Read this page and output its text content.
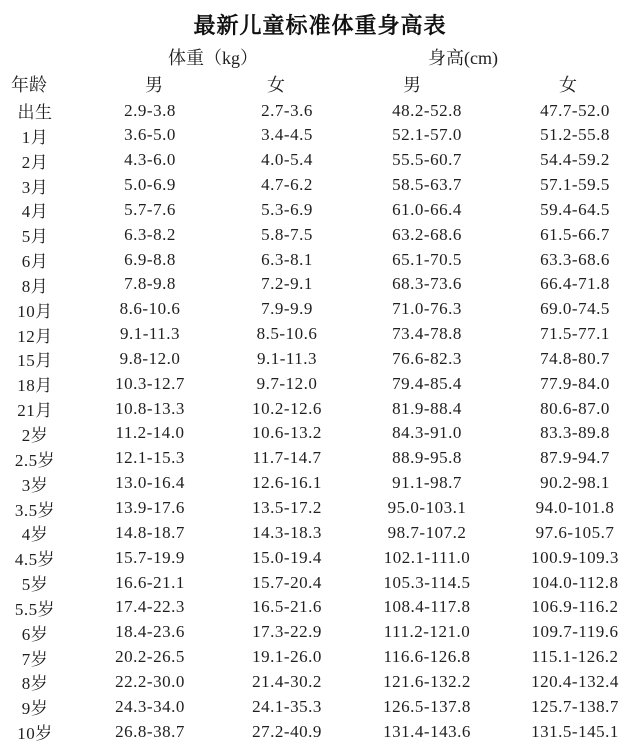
最新儿童标准体重身高表
体重（kg）	身高(cm)
年龄	男	女	男	女
出生	2.9-3.8	2.7-3.6	48.2-52.8	47.7-52.0
1月	3.6-5.0	3.4-4.5	52.1-57.0	51.2-55.8
2月	4.3-6.0	4.0-5.4	55.5-60.7	54.4-59.2
3月	5.0-6.9	4.7-6.2	58.5-63.7	57.1-59.5
4月	5.7-7.6	5.3-6.9	61.0-66.4	59.4-64.5
5月	6.3-8.2	5.8-7.5	63.2-68.6	61.5-66.7
6月	6.9-8.8	6.3-8.1	65.1-70.5	63.3-68.6
8月	7.8-9.8	7.2-9.1	68.3-73.6	66.4-71.8
10月	8.6-10.6	7.9-9.9	71.0-76.3	69.0-74.5
12月	9.1-11.3	8.5-10.6	73.4-78.8	71.5-77.1
15月	9.8-12.0	9.1-11.3	76.6-82.3	74.8-80.7
18月	10.3-12.7	9.7-12.0	79.4-85.4	77.9-84.0
21月	10.8-13.3	10.2-12.6	81.9-88.4	80.6-87.0
2岁	11.2-14.0	10.6-13.2	84.3-91.0	83.3-89.8
2.5岁	12.1-15.3	11.7-14.7	88.9-95.8	87.9-94.7
3岁	13.0-16.4	12.6-16.1	91.1-98.7	90.2-98.1
3.5岁	13.9-17.6	13.5-17.2	95.0-103.1	94.0-101.8
4岁	14.8-18.7	14.3-18.3	98.7-107.2	97.6-105.7
4.5岁	15.7-19.9	15.0-19.4	102.1-111.0	100.9-109.3
5岁	16.6-21.1	15.7-20.4	105.3-114.5	104.0-112.8
5.5岁	17.4-22.3	16.5-21.6	108.4-117.8	106.9-116.2
6岁	18.4-23.6	17.3-22.9	111.2-121.0	109.7-119.6
7岁	20.2-26.5	19.1-26.0	116.6-126.8	115.1-126.2
8岁	22.2-30.0	21.4-30.2	121.6-132.2	120.4-132.4
9岁	24.3-34.0	24.1-35.3	126.5-137.8	125.7-138.7
10岁	26.8-38.7	27.2-40.9	131.4-143.6	131.5-145.1
